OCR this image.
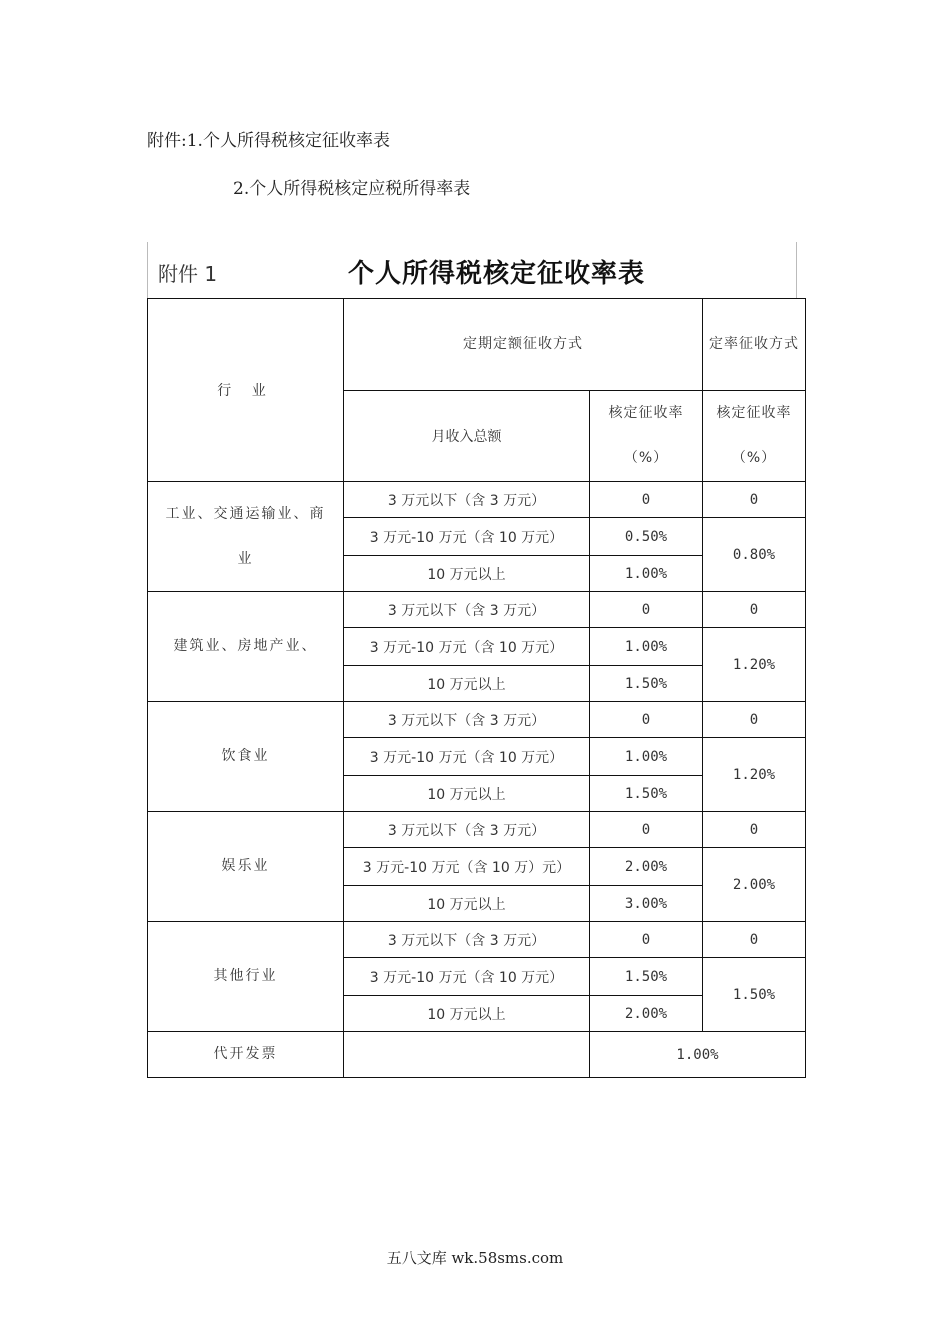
附件:1.个人所得税核定征收率表
2.个人所得税核定应税所得率表
附件 1	个人所得税核定征收率表
行 业	定期定额征收方式		定率征收方式
	月收入总额	核定征收率（%）	核定征收率（%）
工业、交通运输业、商业	3 万元以下（含 3 万元）	0	0
	3 万元-10 万元（含 10 万元）	0.50%	0.80%
	10 万元以上	1.00%	
建筑业、房地产业、	3 万元以下（含 3 万元）	0	0
	3 万元-10 万元（含 10 万元）	1.00%	1.20%
	10 万元以上	1.50%	
饮食业	3 万元以下（含 3 万元）	0	0
	3 万元-10 万元（含 10 万元）	1.00%	1.20%
	10 万元以上	1.50%	
娱乐业	3 万元以下（含 3 万元）	0	0
	3 万元-10 万元（含 10 万）元）	2.00%	2.00%
	10 万元以上	3.00%	
其他行业	3 万元以下（含 3 万元）	0	0
	3 万元-10 万元（含 10 万元）	1.50%	1.50%
	10 万元以上	2.00%	
代开发票		1.00%	
五八文库 wk.58sms.com
